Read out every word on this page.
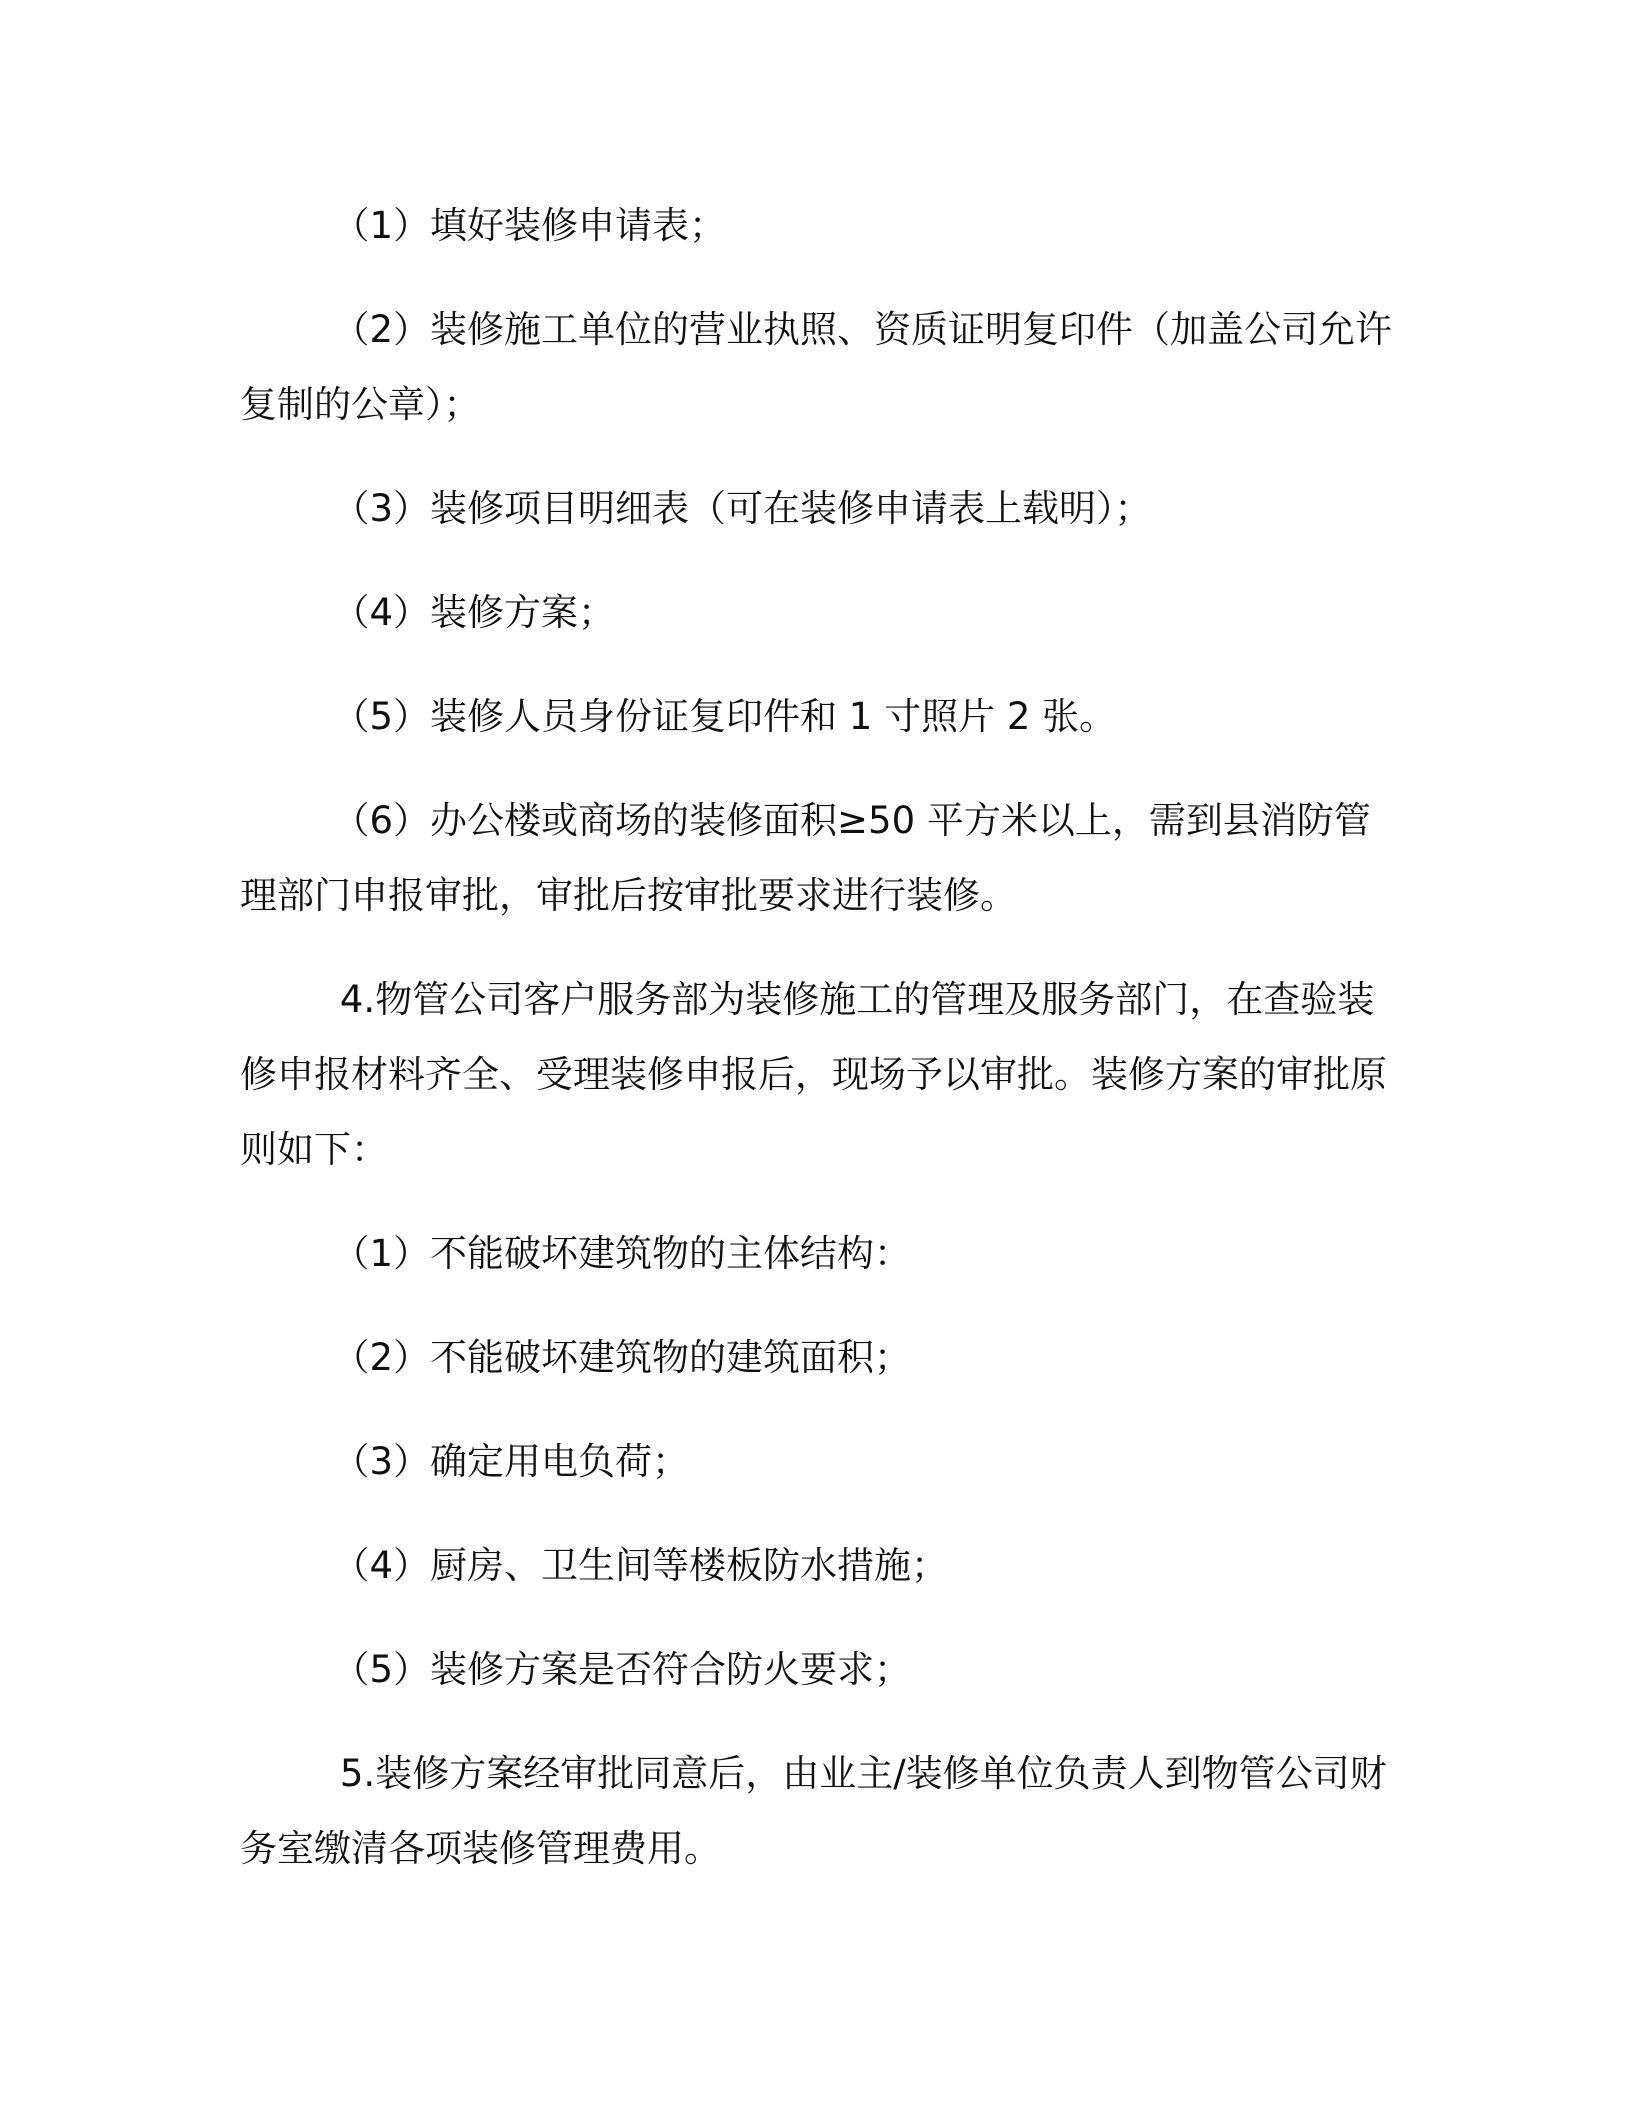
（1）填好装修申请表；

（2）装修施工单位的营业执照、资质证明复印件（加盖公司允许复制的公章）；

（3）装修项目明细表（可在装修申请表上载明）；

（4）装修方案；

（5）装修人员身份证复印件和 1 寸照片 2 张。

（6）办公楼或商场的装修面积≥50 平方米以上，需到县消防管理部门申报审批，审批后按审批要求进行装修。

4.物管公司客户服务部为装修施工的管理及服务部门，在查验装修申报材料齐全、受理装修申报后，现场予以审批。装修方案的审批原则如下：

（1）不能破坏建筑物的主体结构：

（2）不能破坏建筑物的建筑面积；

（3）确定用电负荷；

（4）厨房、卫生间等楼板防水措施；

（5）装修方案是否符合防火要求；

5.装修方案经审批同意后，由业主/装修单位负责人到物管公司财务室缴清各项装修管理费用。
